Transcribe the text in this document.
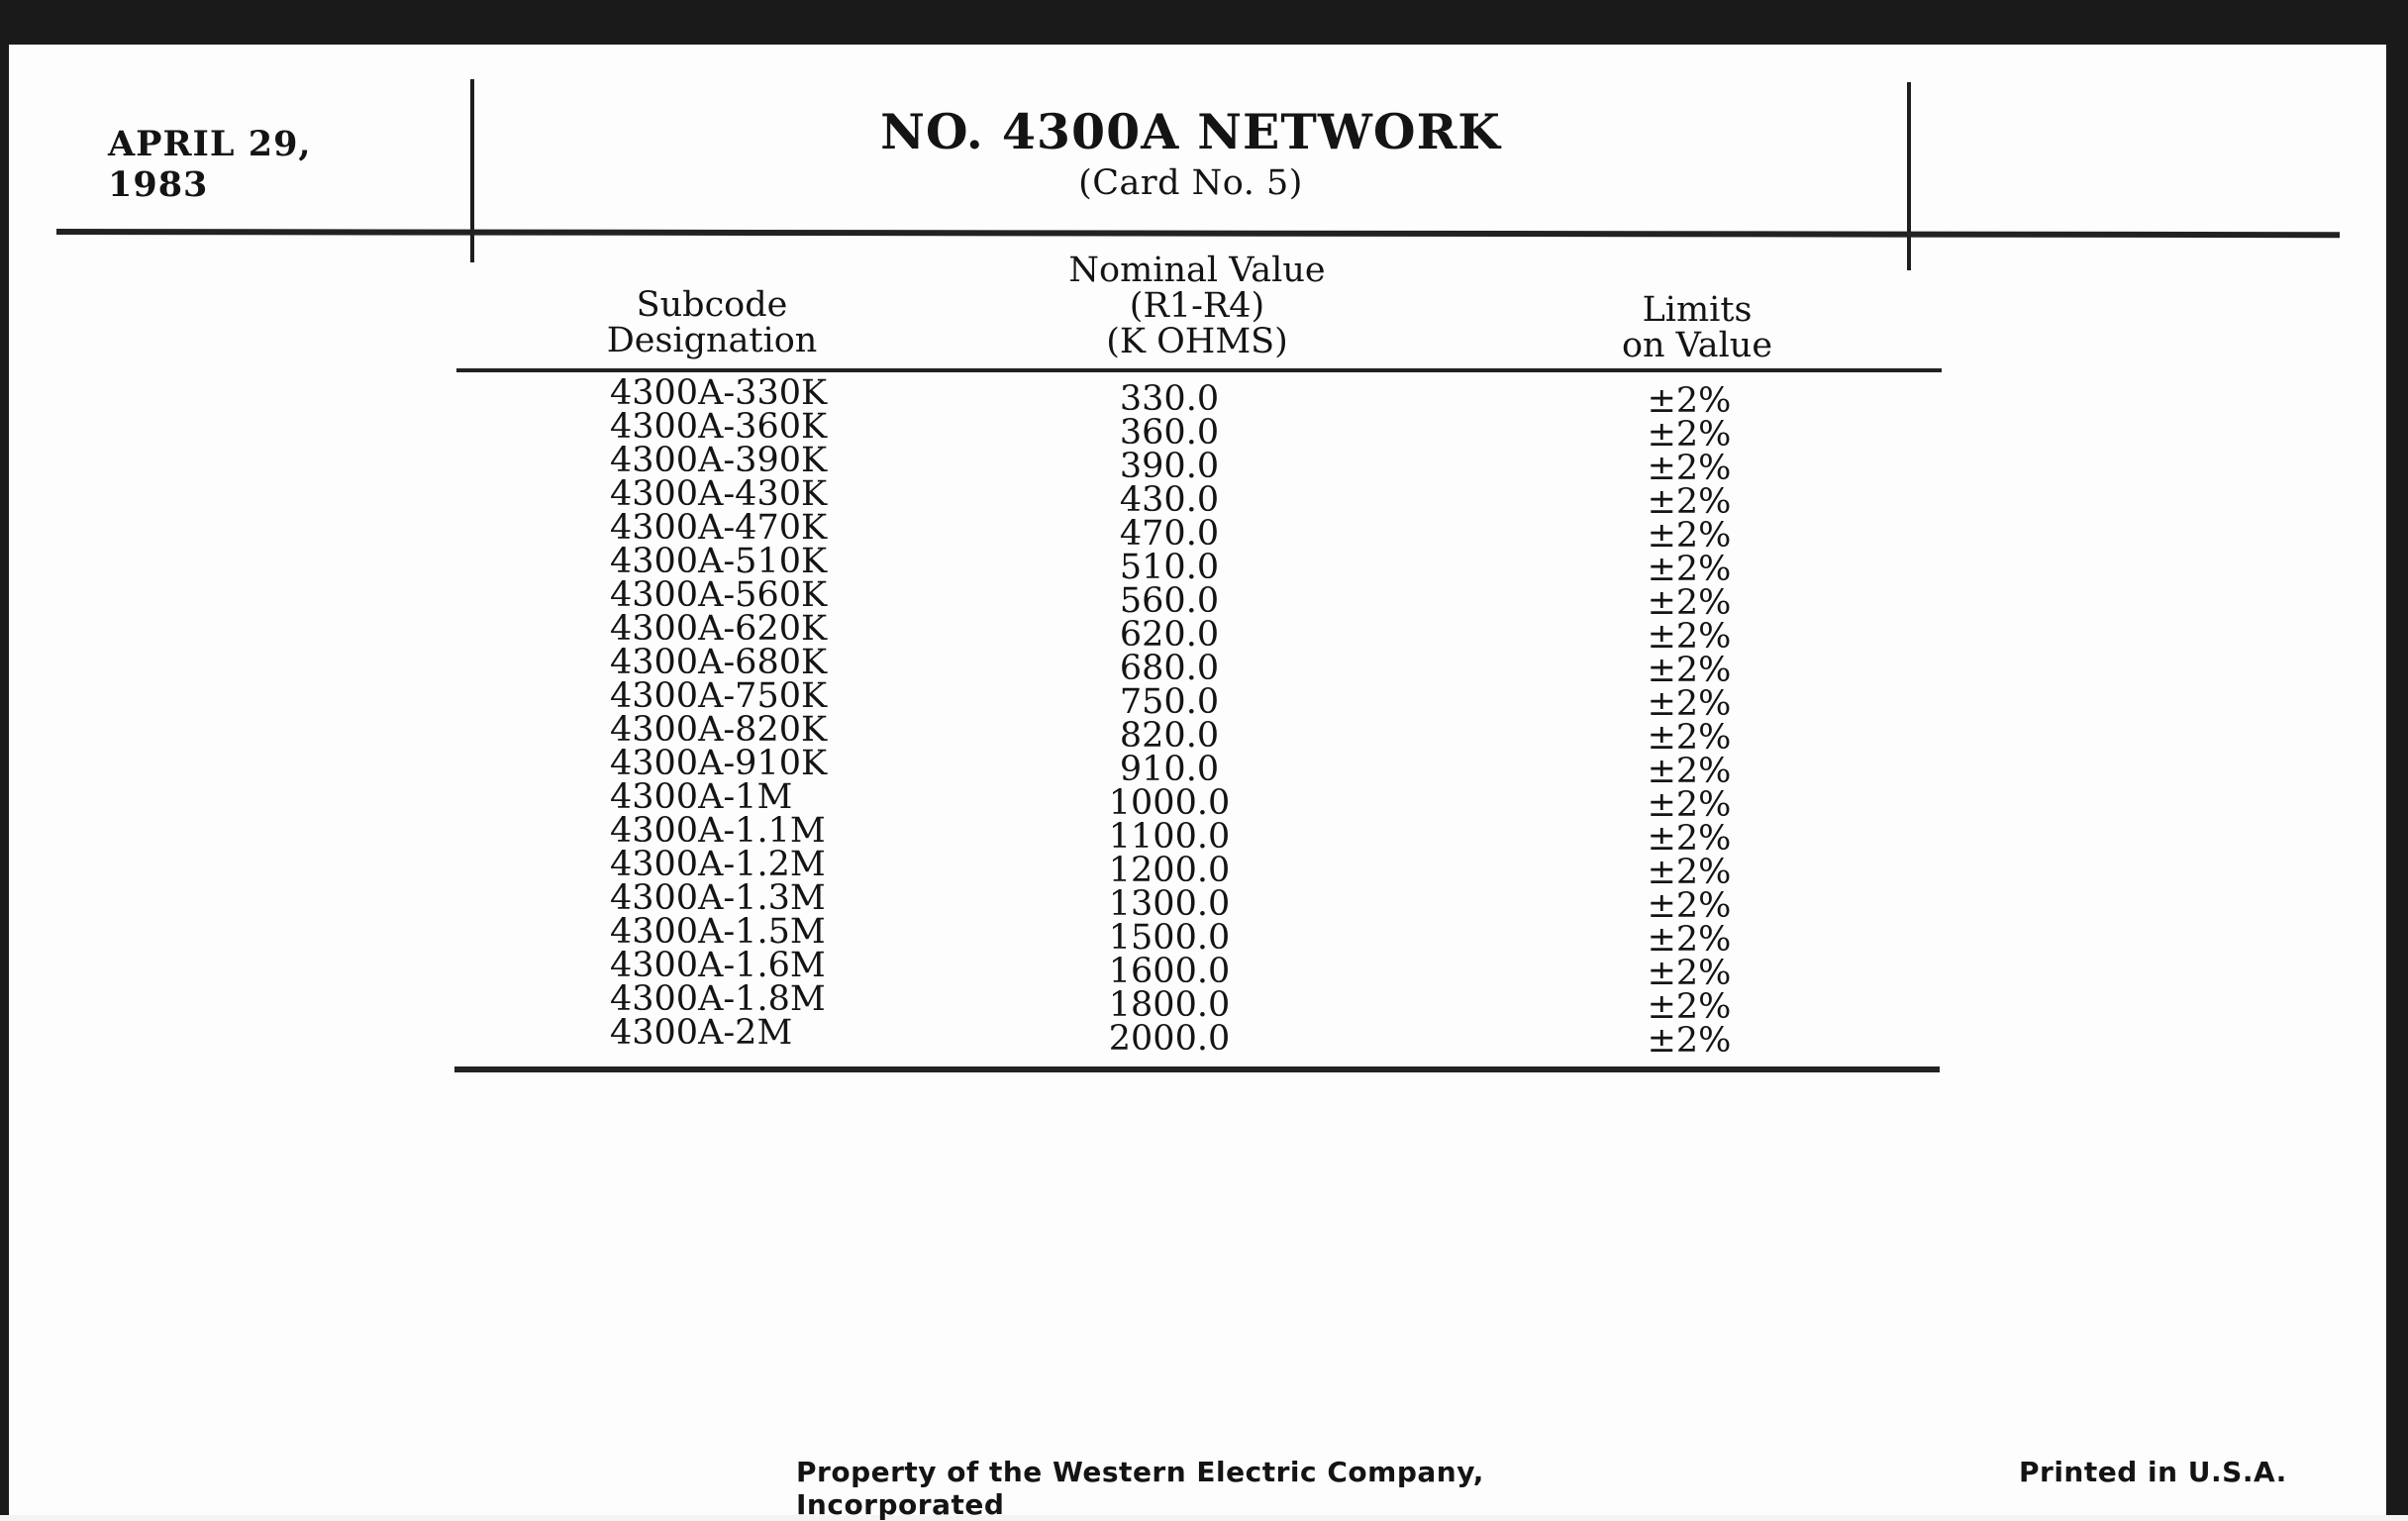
APRIL 29, 1983
NO. 4300A NETWORK
(Card No. 5)
Subcode
Designation
Nominal Value
(R1-R4)
(K OHMS)
Limits
on Value
4300A-330K	330.0	±2%
4300A-360K	360.0	±2%
4300A-390K	390.0	±2%
4300A-430K	430.0	±2%
4300A-470K	470.0	±2%
4300A-510K	510.0	±2%
4300A-560K	560.0	±2%
4300A-620K	620.0	±2%
4300A-680K	680.0	±2%
4300A-750K	750.0	±2%
4300A-820K	820.0	±2%
4300A-910K	910.0	±2%
4300A-1M	1000.0	±2%
4300A-1.1M	1100.0	±2%
4300A-1.2M	1200.0	±2%
4300A-1.3M	1300.0	±2%
4300A-1.5M	1500.0	±2%
4300A-1.6M	1600.0	±2%
4300A-1.8M	1800.0	±2%
4300A-2M	2000.0	±2%
Property of the Western Electric Company, Incorporated
Printed in U.S.A.
